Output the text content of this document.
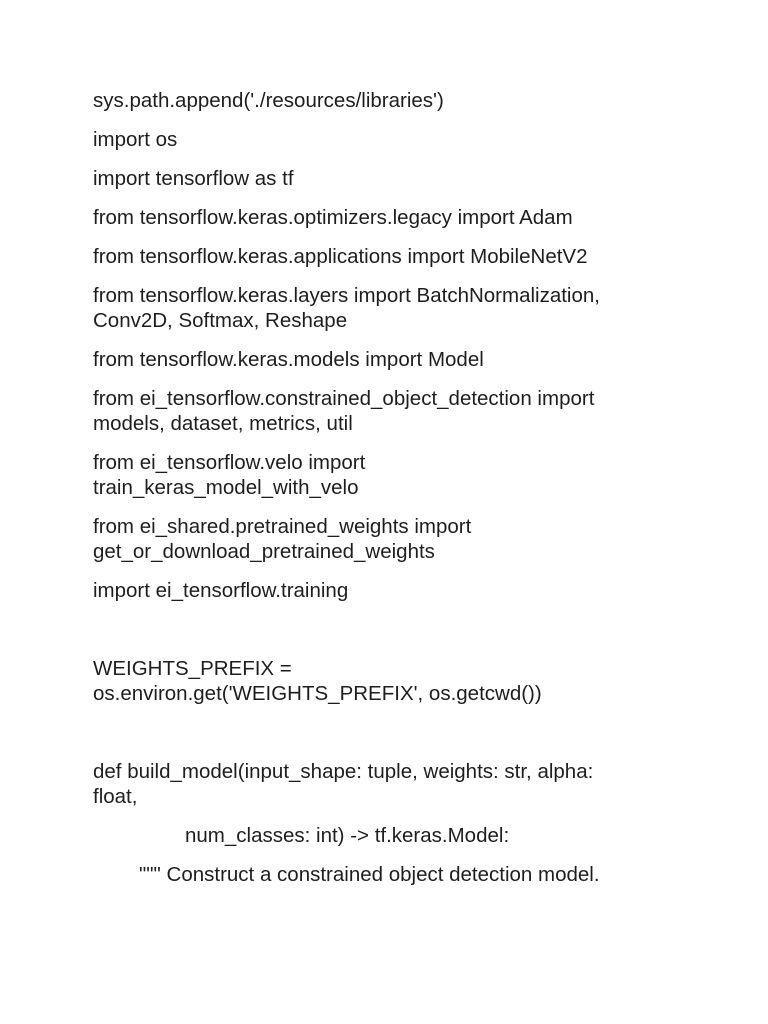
sys.path.append('./resources/libraries')

import os

import tensorflow as tf

from tensorflow.keras.optimizers.legacy import Adam

from tensorflow.keras.applications import MobileNetV2

from tensorflow.keras.layers import BatchNormalization,

Conv2D, Softmax, Reshape

from tensorflow.keras.models import Model

from ei_tensorflow.constrained_object_detection import

models, dataset, metrics, util

from ei_tensorflow.velo import

train_keras_model_with_velo

from ei_shared.pretrained_weights import

get_or_download_pretrained_weights

import ei_tensorflow.training

WEIGHTS_PREFIX =

os.environ.get('WEIGHTS_PREFIX', os.getcwd())

def build_model(input_shape: tuple, weights: str, alpha:

float,

num_classes: int) -> tf.keras.Model:

""" Construct a constrained object detection model.
